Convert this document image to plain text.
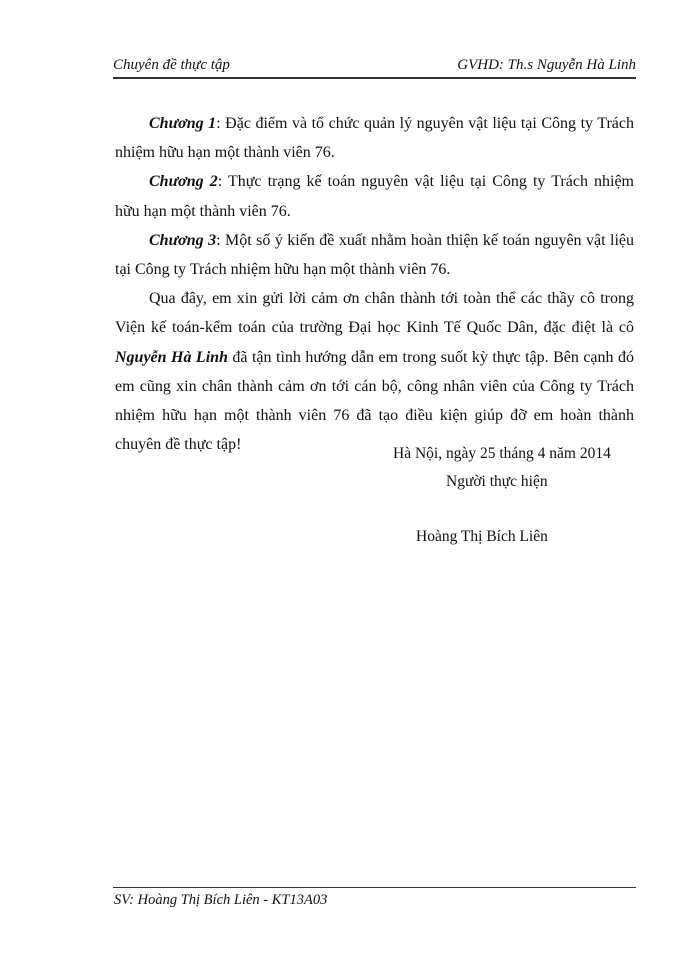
Chuyên đề thực tập	GVHD: Th.s Nguyễn Hà Linh

Chương 1: Đặc điểm và tổ chức quản lý nguyên vật liệu tại Công ty Trách nhiệm hữu hạn một thành viên 76.

Chương 2: Thực trạng kế toán nguyên vật liệu tại Công ty Trách nhiệm hữu hạn một thành viên 76.

Chương 3: Một số ý kiến đề xuất nhằm hoàn thiện kế toán nguyên vật liệu tại Công ty Trách nhiệm hữu hạn một thành viên 76.

Qua đây, em xin gửi lời cảm ơn chân thành tới toàn thể các thầy cô trong Viện kế toán-kểm toán của trường Đại học Kinh Tế Quốc Dân, đặc điệt là cô Nguyễn Hà Linh đã tận tình hướng dẫn em trong suốt kỳ thực tập. Bên cạnh đó em cũng xin chân thành cảm ơn tới cán bộ, công nhân viên của Công ty Trách nhiệm hữu hạn một thành viên 76 đã tạo điều kiện giúp đỡ em hoàn thành chuyên đề thực tập!

Hà Nội, ngày 25 tháng 4 năm 2014
Người thực hiện
Hoàng Thị Bích Liên
SV: Hoàng Thị Bích Liên - KT13A03
